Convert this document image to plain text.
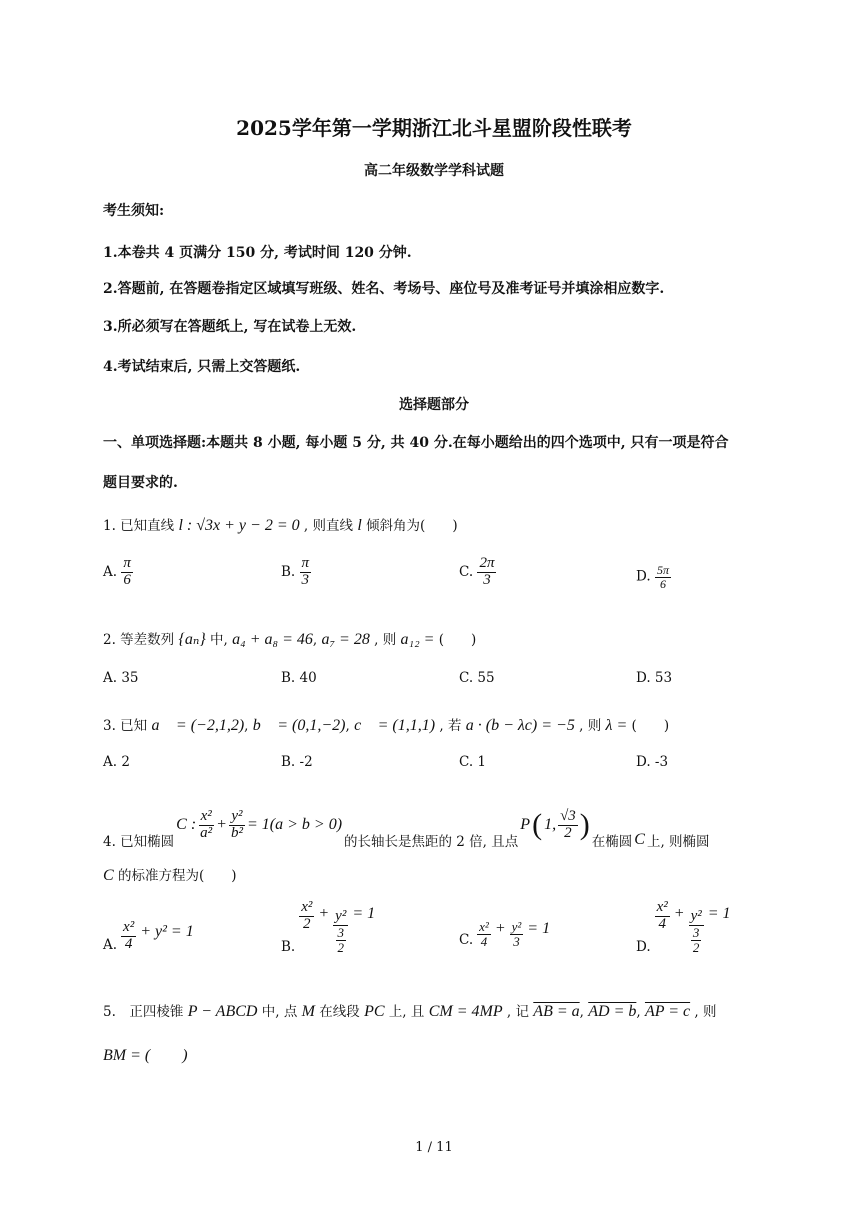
2025学年第一学期浙江北斗星盟阶段性联考
高二年级数学学科试题
考生须知:
1.本卷共 4 页满分 150 分, 考试时间 120 分钟.
2.答题前, 在答题卷指定区域填写班级、姓名、考场号、座位号及准考证号并填涂相应数字.
3.所必须写在答题纸上, 写在试卷上无效.
4.考试结束后, 只需上交答题纸.
选择题部分
一、单项选择题:本题共 8 小题, 每小题 5 分, 共 40 分.在每小题给出的四个选项中, 只有一项是符合
题目要求的.
1. 已知直线 l : √3x + y − 2 = 0 , 则直线 l 倾斜角为(　　)
A. $\frac{\pi}{6}$	B. $\frac{\pi}{3}$	C. $\frac{2\pi}{3}$	D. $\frac{5\pi}{6}$
2. 等差数列 {aₙ} 中, a₄ + a₈ = 46, a₇ = 28 , 则 a₁₂ = (　　)
A. 35	B. 40	C. 55	D. 53
3. 已知 a⃗ = (−2,1,2), b⃗ = (0,1,−2), c⃗ = (1,1,1) , 若 a · (b − λc) = −5 , 则 λ = (　　)
A. 2	B. -2	C. 1	D. -3
4. 已知椭圆
C : $\frac{\text{x²}}{\text{a²}} + \frac{\text{y²}}{\text{b²}} = 1(a > b > 0)$
的长轴长是焦距的 2 倍, 且点
P ( 1, $\frac{√3}{2}$ )
在椭圆 C 上, 则椭圆
C 的标准方程为(　　)
A. $\frac{\text{x²}}{4} + y^2 = 1$
B.
$\frac{\text{x²}}{2} + \frac{\text{y²}}{\frac{3}{2}} = 1$
C. $\frac{\text{x²}}{4} + \frac{\text{y²}}{3} = 1$
D.
$\frac{\text{x²}}{4} + \frac{\text{y²}}{\frac{3}{2}} = 1$
5.　正四棱锥 P − ABCD 中, 点 M 在线段 PC 上, 且 CM = 4MP , 记 AB = a, AD = b, AP = c , 则
BM = (　　)
1 / 11
